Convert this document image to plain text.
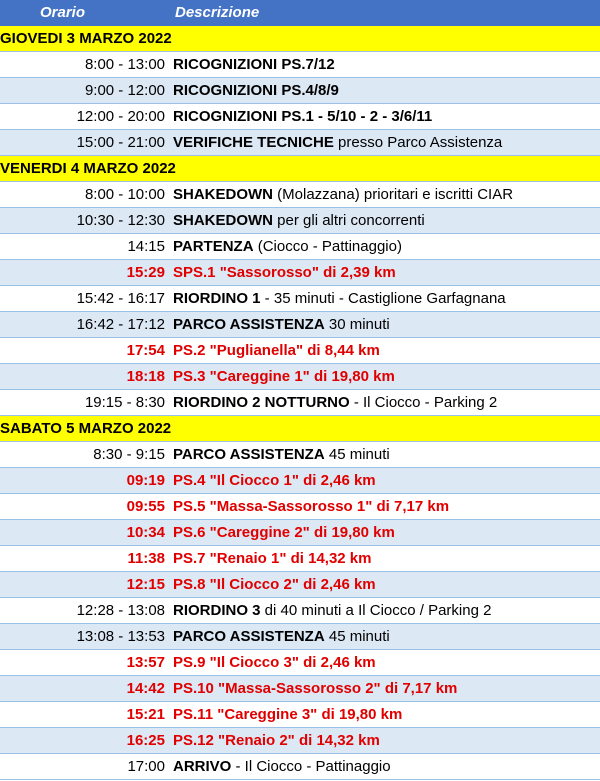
Orario	Descrizione
GIOVEDI 3 MARZO 2022	
8:00 - 13:00	RICOGNIZIONI PS.7/12
9:00 - 12:00	RICOGNIZIONI PS.4/8/9
12:00 - 20:00	RICOGNIZIONI PS.1 - 5/10 - 2 - 3/6/11
15:00 - 21:00	VERIFICHE TECNICHE presso Parco Assistenza
VENERDI 4 MARZO 2022	
8:00 - 10:00	SHAKEDOWN (Molazzana) prioritari e iscritti CIAR
10:30 - 12:30	SHAKEDOWN per gli altri concorrenti
14:15	PARTENZA (Ciocco - Pattinaggio)
15:29	SPS.1 "Sassorosso" di 2,39 km
15:42 - 16:17	RIORDINO 1 - 35 minuti - Castiglione Garfagnana
16:42 - 17:12	PARCO ASSISTENZA 30 minuti
17:54	PS.2 "Puglianella" di 8,44 km
18:18	PS.3 "Careggine 1" di 19,80 km
19:15 - 8:30	RIORDINO 2 NOTTURNO - Il Ciocco - Parking 2
SABATO 5 MARZO 2022	
8:30 - 9:15	PARCO ASSISTENZA 45 minuti
09:19	PS.4 "Il Ciocco 1" di 2,46 km
09:55	PS.5 "Massa-Sassorosso 1" di 7,17 km
10:34	PS.6 "Careggine 2" di 19,80 km
11:38	PS.7 "Renaio 1" di 14,32 km
12:15	PS.8 "Il Ciocco 2" di 2,46 km
12:28 - 13:08	RIORDINO 3 di 40 minuti a Il Ciocco / Parking 2
13:08 - 13:53	PARCO ASSISTENZA 45 minuti
13:57	PS.9 "Il Ciocco 3" di 2,46 km
14:42	PS.10 "Massa-Sassorosso 2" di 7,17 km
15:21	PS.11 "Careggine 3" di 19,80 km
16:25	PS.12 "Renaio 2" di 14,32 km
17:00	ARRIVO - Il Ciocco - Pattinaggio
